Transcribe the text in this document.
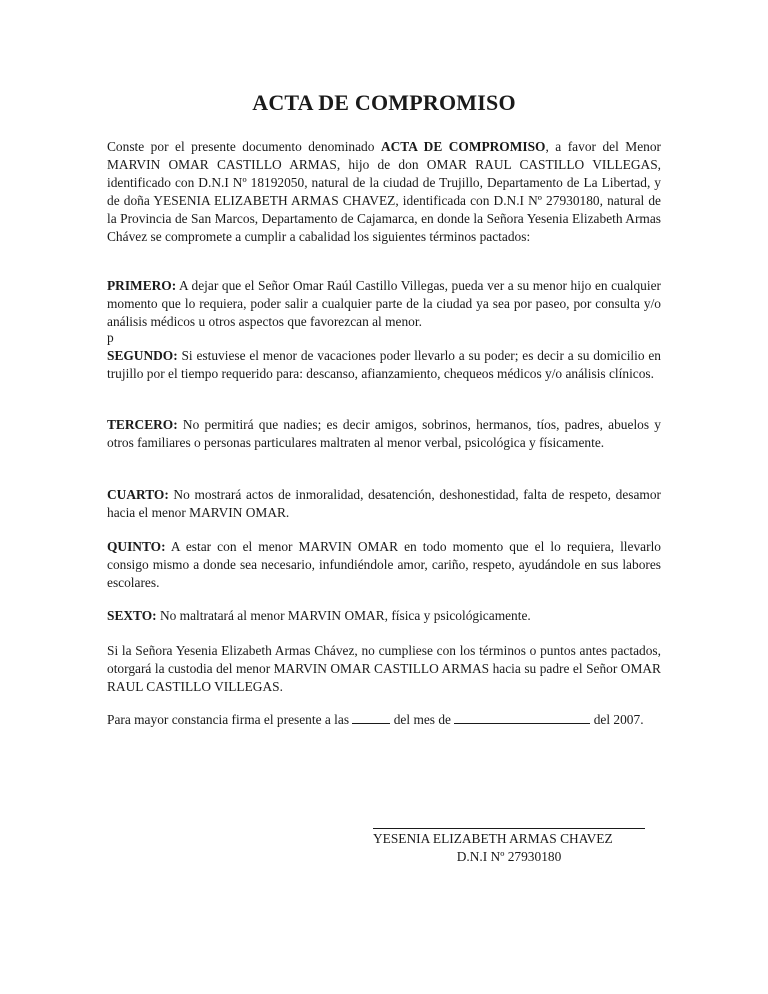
ACTA DE COMPROMISO
Conste por el presente documento denominado ACTA DE COMPROMISO, a favor del Menor MARVIN OMAR CASTILLO ARMAS, hijo de don OMAR RAUL CASTILLO VILLEGAS, identificado con D.N.I Nº 18192050, natural de la ciudad de Trujillo, Departamento de La Libertad, y de doña YESENIA ELIZABETH ARMAS CHAVEZ, identificada con D.N.I Nº 27930180, natural de la Provincia de San Marcos, Departamento de Cajamarca, en donde la Señora Yesenia Elizabeth Armas Chávez se compromete a cumplir a cabalidad los siguientes términos pactados:
PRIMERO: A dejar que el Señor Omar Raúl Castillo Villegas, pueda ver a su menor hijo en cualquier momento que lo requiera, poder salir a cualquier parte de la ciudad ya sea por paseo, por consulta y/o análisis médicos u otros aspectos que favorezcan al menor.
p
SEGUNDO: Si estuviese el menor de vacaciones poder llevarlo a su poder; es decir a su domicilio en trujillo por el tiempo requerido para: descanso, afianzamiento, chequeos médicos y/o análisis clínicos.
TERCERO: No permitirá que nadies; es decir amigos, sobrinos, hermanos, tíos, padres, abuelos y otros familiares o personas particulares maltraten al menor verbal, psicológica y físicamente.
CUARTO: No mostrará actos de inmoralidad, desatención, deshonestidad, falta de respeto, desamor hacia el menor MARVIN OMAR.
QUINTO: A estar con el menor MARVIN OMAR en todo momento que el lo requiera, llevarlo consigo mismo a donde sea necesario, infundiéndole amor, cariño, respeto, ayudándole en sus labores escolares.
SEXTO: No maltratará al menor MARVIN OMAR, física y psicológicamente.
Si la Señora Yesenia Elizabeth Armas Chávez, no cumpliese con los términos o puntos antes pactados, otorgará la custodia del menor MARVIN OMAR CASTILLO ARMAS hacia su padre el Señor OMAR RAUL CASTILLO VILLEGAS.
Para mayor constancia firma el presente a las	del mes de	del 2007.
YESENIA ELIZABETH ARMAS CHAVEZ
D.N.I Nº 27930180
